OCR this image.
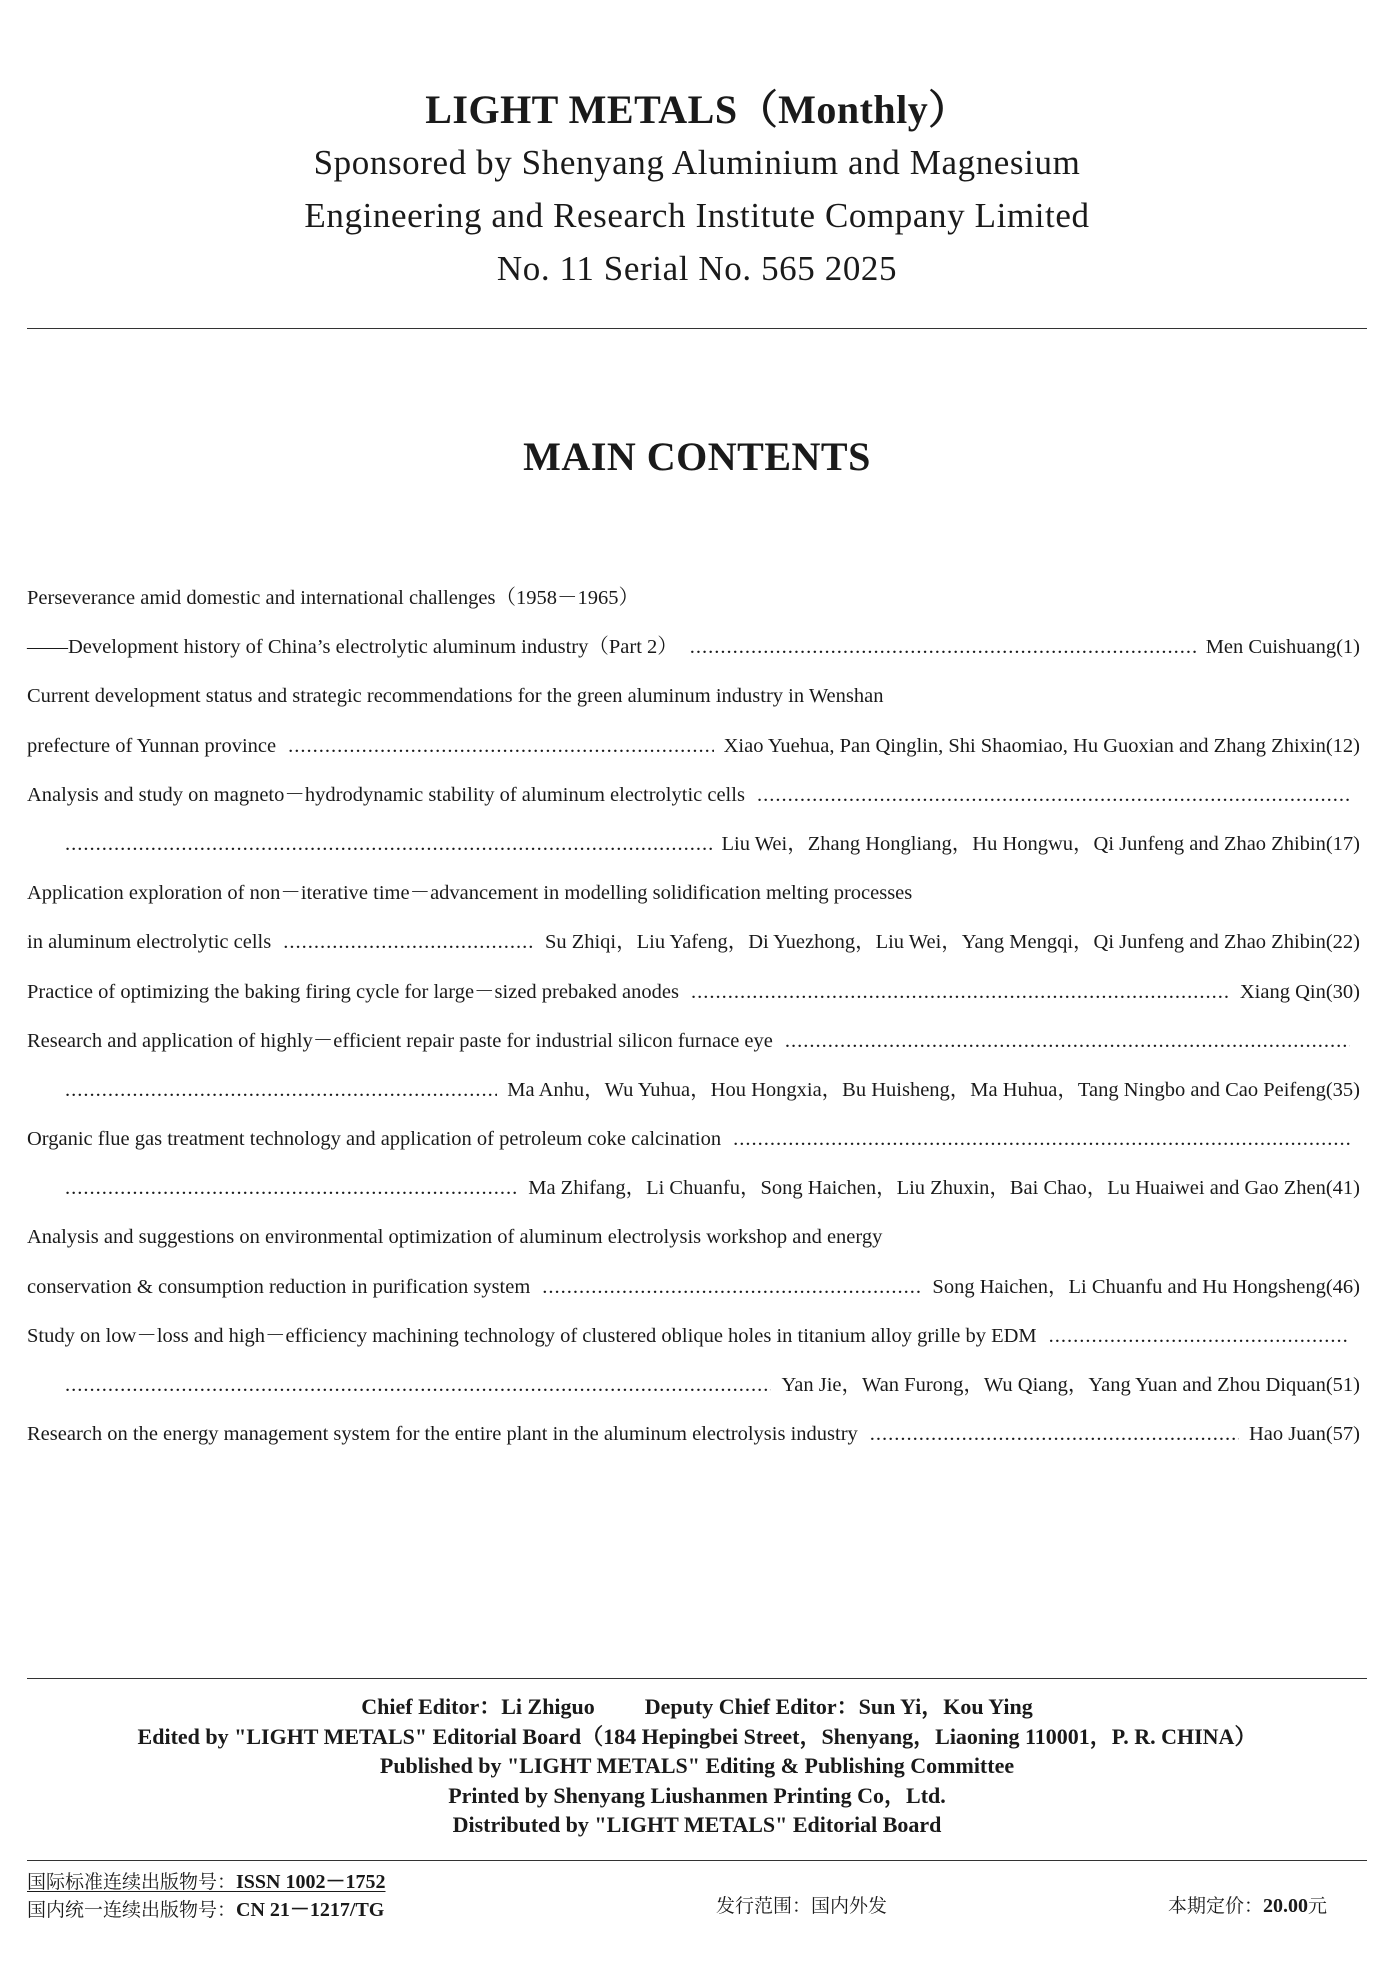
LIGHT METALS（Monthly）
Sponsored by Shenyang Aluminium and Magnesium
Engineering and Research Institute Company Limited
No. 11 Serial No. 565 2025
MAIN CONTENTS
Perseverance amid domestic and international challenges（1958－1965）
——Development history of China’s electrolytic aluminum industry（Part 2） .....	Men Cuishuang(1)
Current development status and strategic recommendations for the green aluminum industry in Wenshan
prefecture of Yunnan province .....	Xiao Yuehua, Pan Qinglin, Shi Shaomiao, Hu Guoxian and Zhang Zhixin(12)
Analysis and study on magneto－hydrodynamic stability of aluminum electrolytic cells
.....
.....
Liu Wei，Zhang Hongliang，Hu Hongwu，Qi Junfeng and Zhao Zhibin(17)
Application exploration of non－iterative time－advancement in modelling solidification melting processes
in aluminum electrolytic cells .....	Su Zhiqi，Liu Yafeng，Di Yuezhong，Liu Wei，Yang Mengqi，Qi Junfeng and Zhao Zhibin(22)
Practice of optimizing the baking firing cycle for large－sized prebaked anodes .....	Xiang Qin(30)
Research and application of highly－efficient repair paste for industrial silicon furnace eye
.....
.....
Ma Anhu，Wu Yuhua，Hou Hongxia，Bu Huisheng，Ma Huhua，Tang Ningbo and Cao Peifeng(35)
Organic flue gas treatment technology and application of petroleum coke calcination
.....
.....
Ma Zhifang，Li Chuanfu，Song Haichen，Liu Zhuxin，Bai Chao，Lu Huaiwei and Gao Zhen(41)
Analysis and suggestions on environmental optimization of aluminum electrolysis workshop and energy
conservation & consumption reduction in purification system .....	Song Haichen，Li Chuanfu and Hu Hongsheng(46)
Study on low－loss and high－efficiency machining technology of clustered oblique holes in titanium alloy grille by EDM
.....
.....
Yan Jie，Wan Furong，Wu Qiang，Yang Yuan and Zhou Diquan(51)
Research on the energy management system for the entire plant in the aluminum electrolysis industry .....	Hao Juan(57)
Chief Editor：Li Zhiguo Deputy Chief Editor：Sun Yi，Kou Ying
Edited by "LIGHT METALS" Editorial Board（184 Hepingbei Street，Shenyang，Liaoning 110001，P. R. CHINA）
Published by "LIGHT METALS" Editing & Publishing Committee
Printed by Shenyang Liushanmen Printing Co，Ltd.
Distributed by "LIGHT METALS" Editorial Board
国际标准连续出版物号：ISSN 1002－1752
国内统一连续出版物号：CN 21－1217/TG	发行范围：国内外发	本期定价：20.00元
